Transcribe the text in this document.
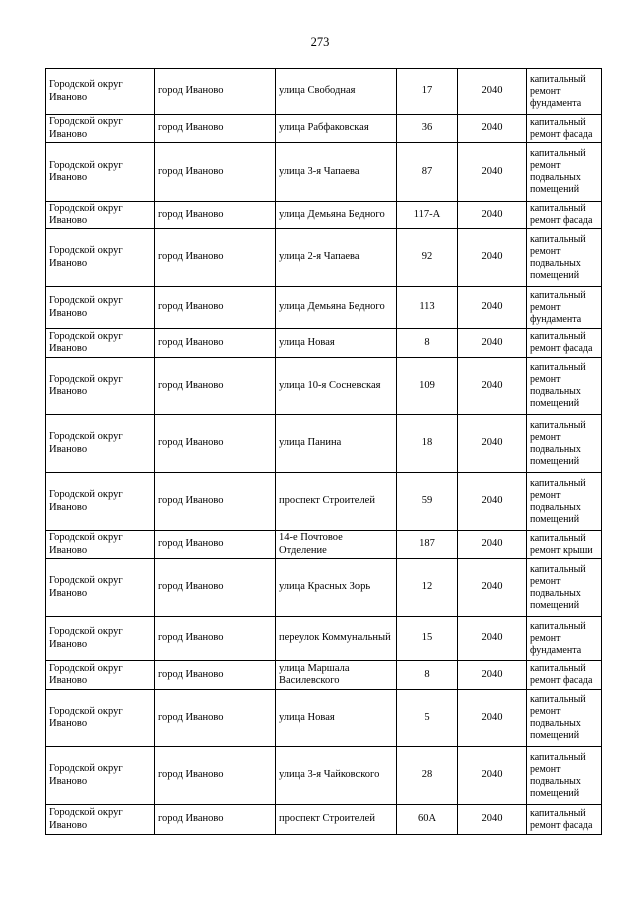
273
Городской округ Иваново	город Иваново	улица Свободная	17	2040	капитальный ремонт фундамента
Городской округ Иваново	город Иваново	улица Рабфаковская	36	2040	капитальный ремонт фасада
Городской округ Иваново	город Иваново	улица 3-я Чапаева	87	2040	капитальный ремонт подвальных помещений
Городской округ Иваново	город Иваново	улица Демьяна Бедного	117-А	2040	капитальный ремонт фасада
Городской округ Иваново	город Иваново	улица 2-я Чапаева	92	2040	капитальный ремонт подвальных помещений
Городской округ Иваново	город Иваново	улица Демьяна Бедного	113	2040	капитальный ремонт фундамента
Городской округ Иваново	город Иваново	улица Новая	8	2040	капитальный ремонт фасада
Городской округ Иваново	город Иваново	улица 10-я Сосневская	109	2040	капитальный ремонт подвальных помещений
Городской округ Иваново	город Иваново	улица Панина	18	2040	капитальный ремонт подвальных помещений
Городской округ Иваново	город Иваново	проспект Строителей	59	2040	капитальный ремонт подвальных помещений
Городской округ Иваново	город Иваново	14-е Почтовое Отделение	187	2040	капитальный ремонт крыши
Городской округ Иваново	город Иваново	улица Красных Зорь	12	2040	капитальный ремонт подвальных помещений
Городской округ Иваново	город Иваново	переулок Коммунальный	15	2040	капитальный ремонт фундамента
Городской округ Иваново	город Иваново	улица Маршала Василевского	8	2040	капитальный ремонт фасада
Городской округ Иваново	город Иваново	улица Новая	5	2040	капитальный ремонт подвальных помещений
Городской округ Иваново	город Иваново	улица 3-я Чайковского	28	2040	капитальный ремонт подвальных помещений
Городской округ Иваново	город Иваново	проспект Строителей	60А	2040	капитальный ремонт фасада
